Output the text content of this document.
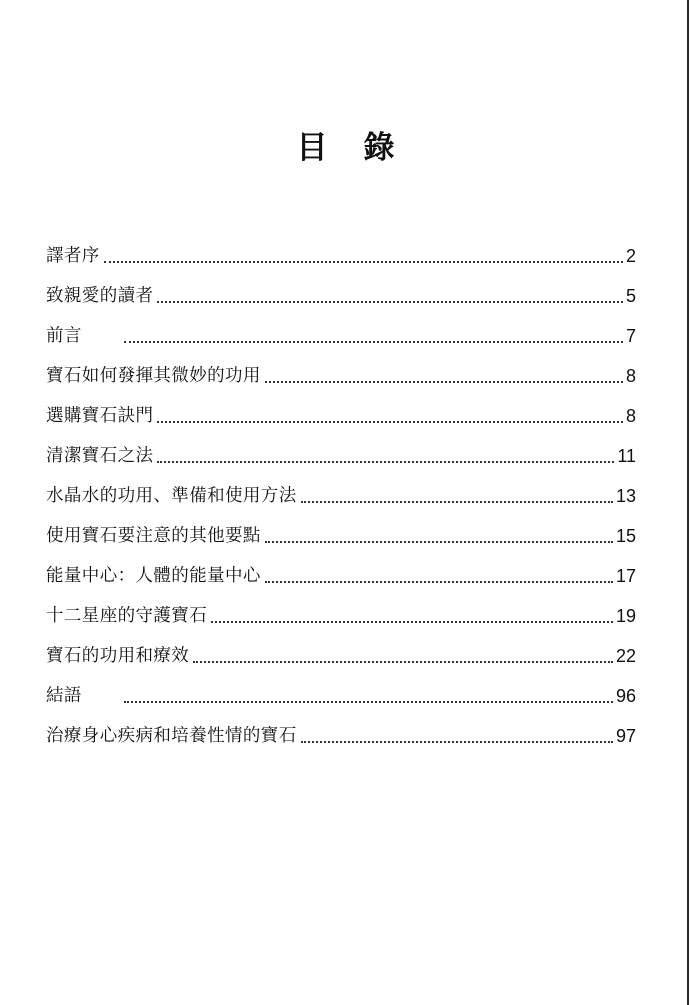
目 錄
譯者序	2
致親愛的讀者	5
前言	7
寶石如何發揮其微妙的功用	8
選購寶石訣門	8
清潔寶石之法	11
水晶水的功用、準備和使用方法	13
使用寶石要注意的其他要點	15
能量中心：人體的能量中心	17
十二星座的守護寶石	19
寶石的功用和療效	22
結語	96
治療身心疾病和培養性情的寶石	97
